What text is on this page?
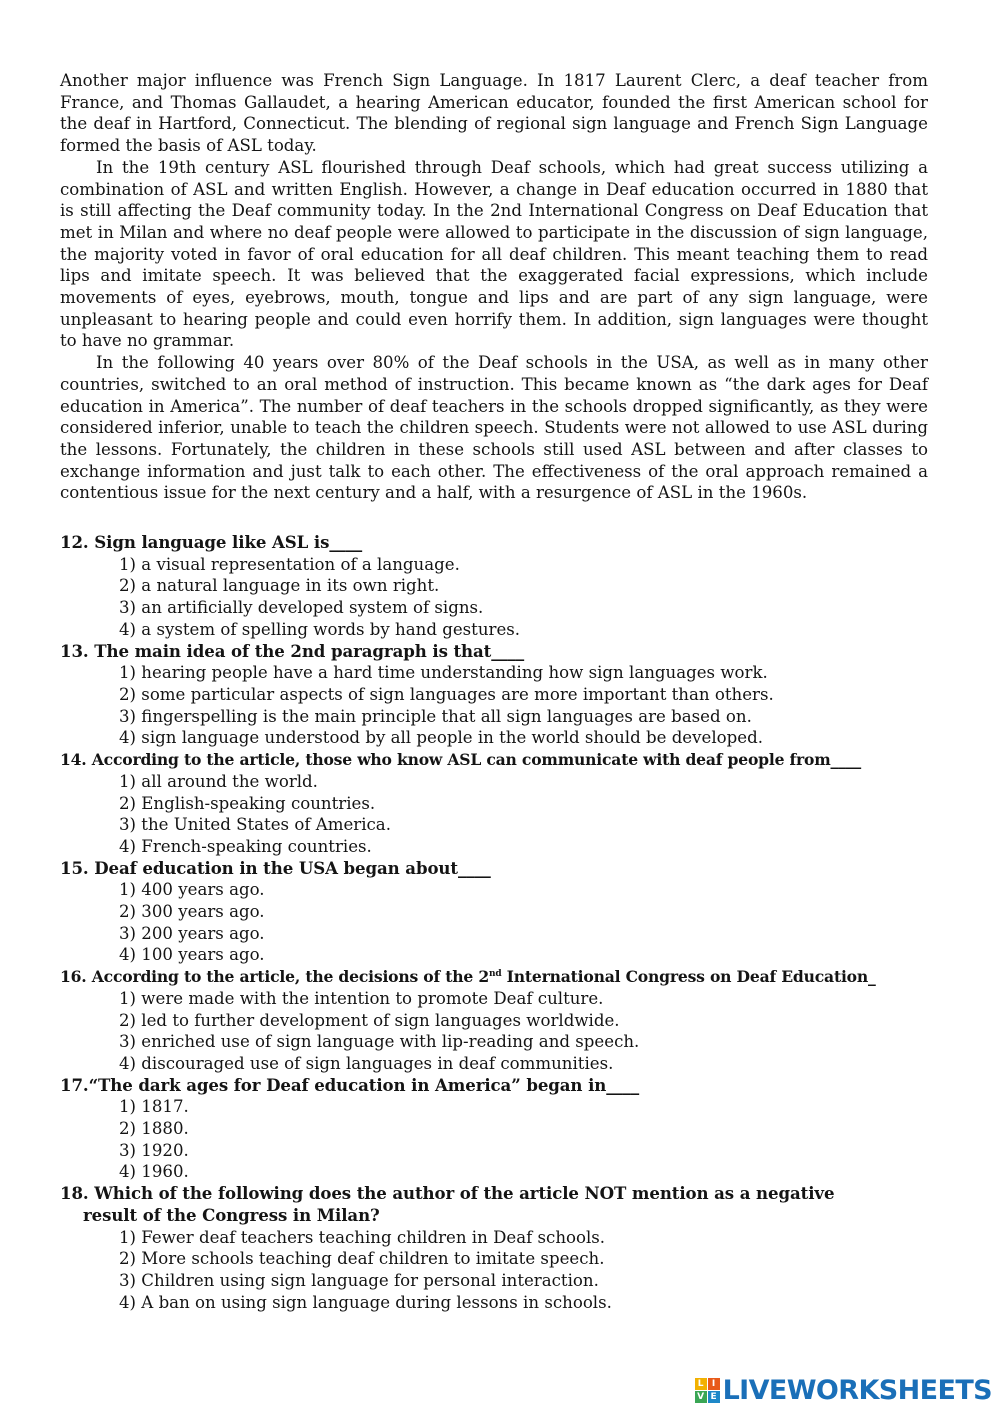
Another major influence was French Sign Language. In 1817 Laurent Clerc, a deaf teacher from France, and Thomas Gallaudet, a hearing American educator, founded the first American school for the deaf in Hartford, Connecticut. The blending of regional sign language and French Sign Language formed the basis of ASL today.

In the 19th century ASL flourished through Deaf schools, which had great success utilizing a combination of ASL and written English. However, a change in Deaf education occurred in 1880 that is still affecting the Deaf community today. In the 2nd International Congress on Deaf Education that met in Milan and where no deaf people were allowed to participate in the discussion of sign language, the majority voted in favor of oral education for all deaf children. This meant teaching them to read lips and imitate speech. It was believed that the exaggerated facial expressions, which include movements of eyes, eyebrows, mouth, tongue and lips and are part of any sign language, were unpleasant to hearing people and could even horrify them. In addition, sign languages were thought to have no grammar.

In the following 40 years over 80% of the Deaf schools in the USA, as well as in many other countries, switched to an oral method of instruction. This became known as “the dark ages for Deaf education in America”. The number of deaf teachers in the schools dropped significantly, as they were considered inferior, unable to teach the children speech. Students were not allowed to use ASL during the lessons. Fortunately, the children in these schools still used ASL between and after classes to exchange information and just talk to each other. The effectiveness of the oral approach remained a contentious issue for the next century and a half, with a resurgence of ASL in the 1960s.

12. Sign language like ASL is____

1) a visual representation of a language.

2) a natural language in its own right.

3) an artificially developed system of signs.

4) a system of spelling words by hand gestures.

13. The main idea of the 2nd paragraph is that____

1) hearing people have a hard time understanding how sign languages work.

2) some particular aspects of sign languages are more important than others.

3) fingerspelling is the main principle that all sign languages are based on.

4) sign language understood by all people in the world should be developed.

14. According to the article, those who know ASL can communicate with deaf people from____

1) all around the world.

2) English-speaking countries.

3) the United States of America.

4) French-speaking countries.

15. Deaf education in the USA began about____

1) 400 years ago.

2) 300 years ago.

3) 200 years ago.

4) 100 years ago.

16. According to the article, the decisions of the 2nd International Congress on Deaf Education_

1) were made with the intention to promote Deaf culture.

2) led to further development of sign languages worldwide.

3) enriched use of sign language with lip-reading and speech.

4) discouraged use of sign languages in deaf communities.

17.“The dark ages for Deaf education in America” began in____

1) 1817.

2) 1880.

3) 1920.

4) 1960.

18. Which of the following does the author of the article NOT mention as a negative
result of the Congress in Milan?

1) Fewer deaf teachers teaching children in Deaf schools.

2) More schools teaching deaf children to imitate speech.

3) Children using sign language for personal interaction.

4) A ban on using sign language during lessons in schools.

L I
V E LIVEWORKSHEETS
